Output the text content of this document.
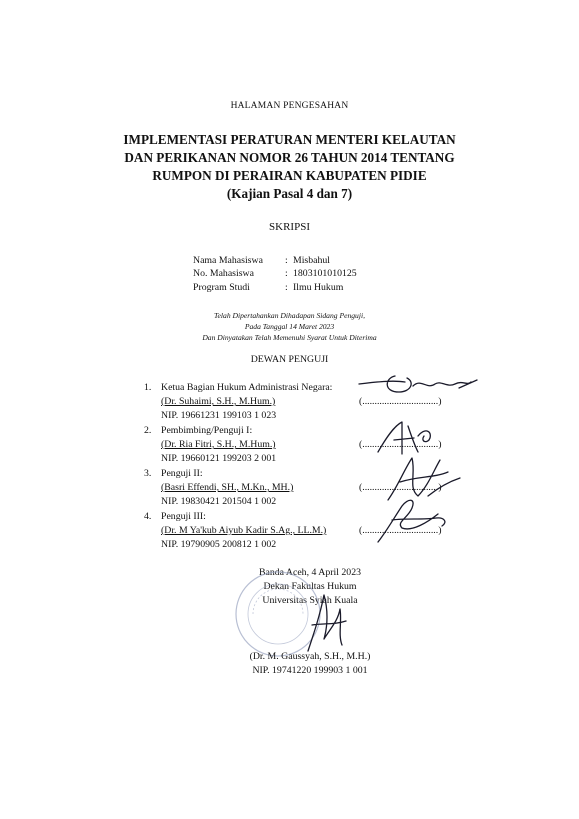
HALAMAN PENGESAHAN
IMPLEMENTASI PERATURAN MENTERI KELAUTAN
DAN PERIKANAN NOMOR 26 TAHUN 2014 TENTANG
RUMPON DI PERAIRAN KABUPATEN PIDIE
(Kajian Pasal 4 dan 7)
SKRIPSI
Nama Mahasiswa : Misbahul
No. Mahasiswa	: 1803101010125
Program Studi	: Ilmu Hukum
Telah Dipertahankan Dihadapan Sidang Penguji,
Pada Tanggal 14 Maret 2023
Dan Dinyatakan Telah Memenuhi Syarat Untuk Diterima
DEWAN PENGUJI
1. Ketua Bagian Hukum Administrasi Negara:
(Dr. Suhaimi, S.H., M.Hum.)
NIP. 19661231 199103 1 023
(...............................)
2. Pembimbing/Penguji I:
(Dr. Ria Fitri, S.H., M.Hum.)
NIP. 19660121 199203 2 001
(...............................)
3. Penguji II:
(Basri Effendi, SH., M.Kn., MH.)
NIP. 19830421 201504 1 002
(...............................)
4. Penguji III:
(Dr. M Ya'kub Aiyub Kadir S.Ag., LL.M.)
NIP. 19790905 200812 1 002
(...............................)
Banda Aceh, 4 April 2023
Dekan Fakultas Hukum
Universitas Syiah Kuala
(Dr. M. Gaussyah, S.H., M.H.)
NIP. 19741220 199903 1 001
